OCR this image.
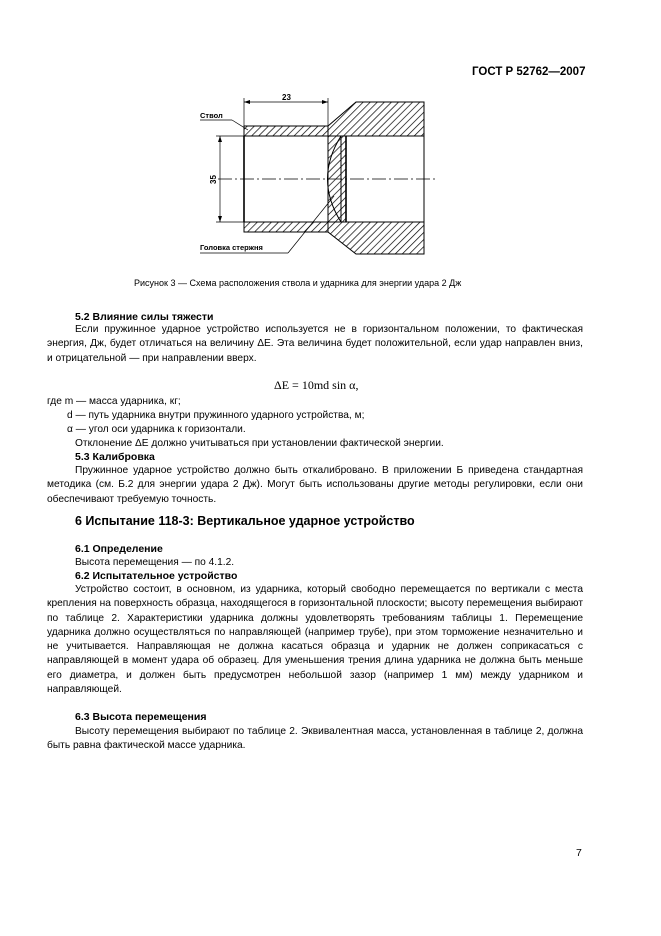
ГОСТ Р 52762—2007
23
35
Ствол
Головка стержня
Рисунок 3 — Схема расположения ствола и ударника для энергии удара 2 Дж
5.2 Влияние силы тяжести
Если пружинное ударное устройство используется не в горизонтальном положении, то фактическая энергия, Дж, будет отличаться на величину ΔE. Эта величина будет положительной, если удар направлен вниз, и отрицательной — при направлении вверх.
ΔE = 10md sin α,
где m — масса ударника, кг;
d — путь ударника внутри пружинного ударного устройства, м;
α — угол оси ударника к горизонтали.
Отклонение ΔE должно учитываться при установлении фактической энергии.
5.3 Калибровка
Пружинное ударное устройство должно быть откалибровано. В приложении Б приведена стандартная методика (см. Б.2 для энергии удара 2 Дж). Могут быть использованы другие методы регулировки, если они обеспечивают требуемую точность.
6 Испытание 118-3: Вертикальное ударное устройство
6.1 Определение
Высота перемещения — по 4.1.2.
6.2 Испытательное устройство
Устройство состоит, в основном, из ударника, который свободно перемещается по вертикали с места крепления на поверхность образца, находящегося в горизонтальной плоскости; высоту перемещения выбирают по таблице 2. Характеристики ударника должны удовлетворять требованиям таблицы 1. Перемещение ударника должно осуществляться по направляющей (например трубе), при этом торможение незначительно и не учитывается. Направляющая не должна касаться образца и ударник не должен соприкасаться с направляющей в момент удара об образец. Для уменьшения трения длина ударника не должна быть меньше его диаметра, и должен быть предусмотрен небольшой зазор (например 1 мм) между ударником и направляющей.
6.3 Высота перемещения
Высоту перемещения выбирают по таблице 2. Эквивалентная масса, установленная в таблице 2, должна быть равна фактической массе ударника.
7
